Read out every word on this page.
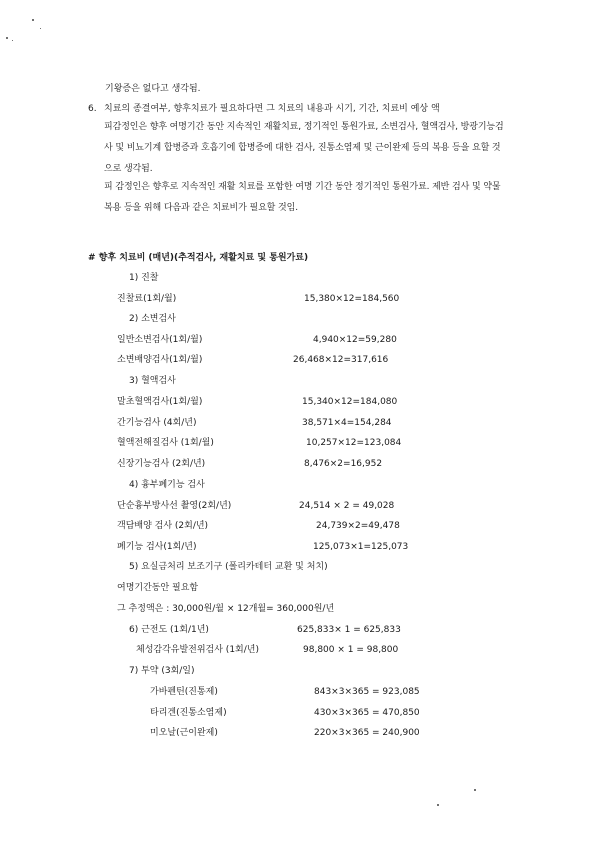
기왕증은 없다고 생각됨.
6. 치료의 종결여부, 향후치료가 필요하다면 그 치료의 내용과 시기, 기간, 치료비 예상 액
피감정인은 향후 여명기간 동안 지속적인 재활치료, 정기적인 통원가료, 소변검사, 혈액검사, 방광기능검사 및 비뇨기계 합병증과 호흡기에 합병증에 대한 검사, 진통소염제 및 근이완제 등의 복용 등을 요할 것으로 생각됨.
피 감정인은 향후로 지속적인 재활 치료를 포함한 여명 기간 동안 정기적인 통원가료. 제반 검사 및 약물복용 등을 위해 다음과 같은 치료비가 필요할 것임.
# 향후 치료비 (매년)(추적검사, 재활치료 및 통원가료)
1) 진찰
진찰료(1회/월)	15,380×12=184,560
2) 소변검사
일반소변검사(1회/월)	4,940×12=59,280
소변배양검사(1회/월)	26,468×12=317,616
3) 혈액검사
말초혈액검사(1회/월)	15,340×12=184,080
간기능검사 (4회/년)	38,571×4=154,284
혈액전해질검사 (1회/월)	10,257×12=123,084
신장기능검사 (2회/년)	8,476×2=16,952
4) 흉부폐기능 검사
단순흉부방사선 촬영(2회/년)	24,514 × 2 = 49,028
객담배양 검사 (2회/년)	24,739×2=49,478
폐기능 검사(1회/년)	125,073×1=125,073
5) 요실금처리 보조기구 (폴리카테터 교환 및 처치)
여명기간동안 필요함
그 추정액은 : 30,000원/월 × 12개월= 360,000원/년
6) 근전도 (1회/1년)	625,833× 1 = 625,833
체성감각유발전위검사 (1회/년)	98,800 × 1 = 98,800
7) 투약 (3회/일)
가바펜틴(진통제)	843×3×365 = 923,085
타리겐(진통소염제)	430×3×365 = 470,850
미오날(근이완제)	220×3×365 = 240,900
